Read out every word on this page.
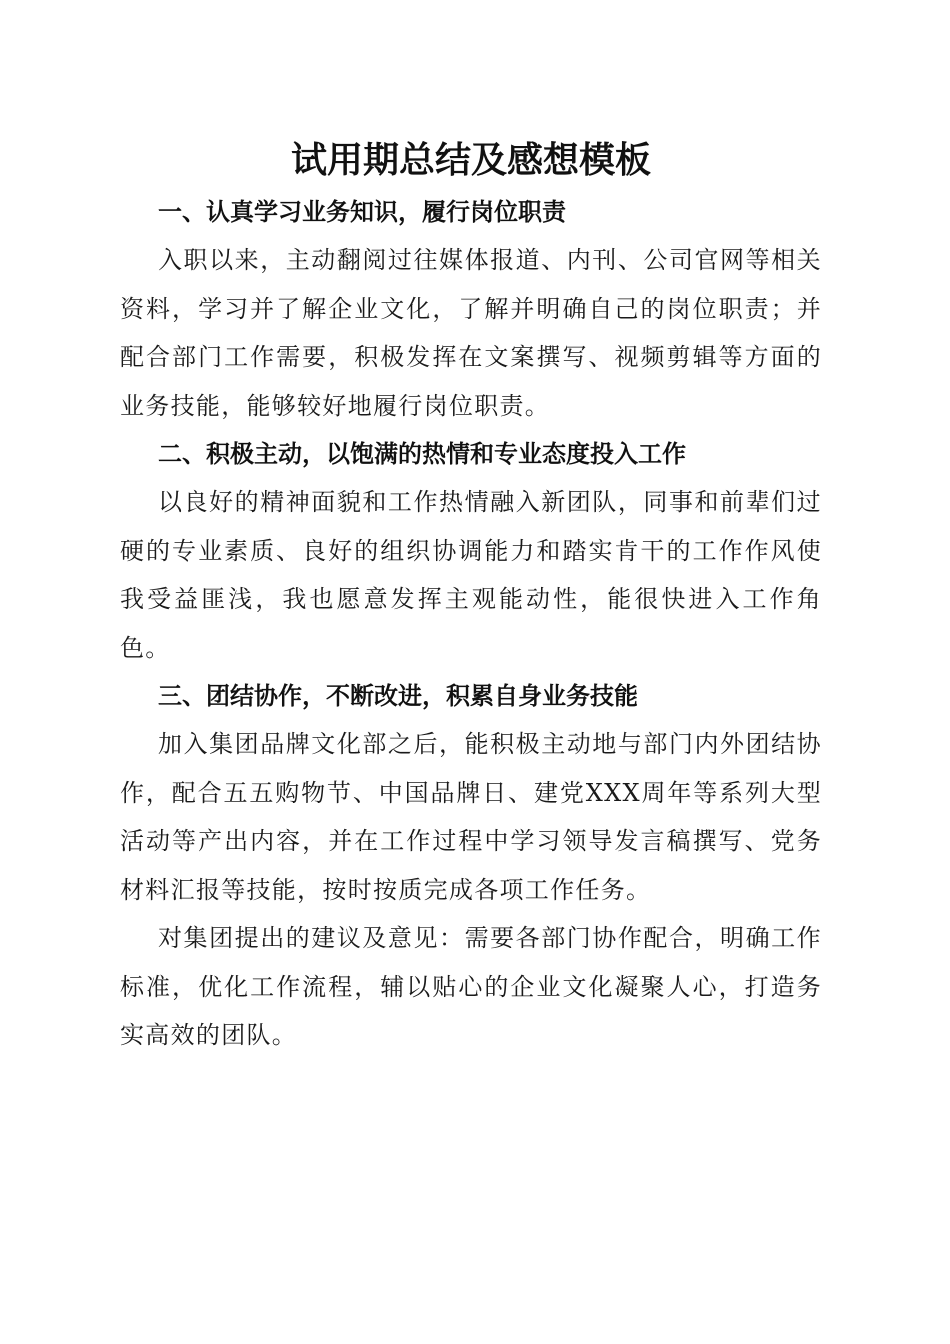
试用期总结及感想模板
一、认真学习业务知识，履行岗位职责

入职以来，主动翻阅过往媒体报道、内刊、公司官网等相关资料，学习并了解企业文化，了解并明确自己的岗位职责；并配合部门工作需要，积极发挥在文案撰写、视频剪辑等方面的业务技能，能够较好地履行岗位职责。

二、积极主动，以饱满的热情和专业态度投入工作

以良好的精神面貌和工作热情融入新团队，同事和前辈们过硬的专业素质、良好的组织协调能力和踏实肯干的工作作风使我受益匪浅，我也愿意发挥主观能动性，能很快进入工作角色。

三、团结协作，不断改进，积累自身业务技能

加入集团品牌文化部之后，能积极主动地与部门内外团结协作，配合五五购物节、中国品牌日、建党XXX周年等系列大型活动等产出内容，并在工作过程中学习领导发言稿撰写、党务材料汇报等技能，按时按质完成各项工作任务。

对集团提出的建议及意见：需要各部门协作配合，明确工作标准，优化工作流程，辅以贴心的企业文化凝聚人心，打造务实高效的团队。
